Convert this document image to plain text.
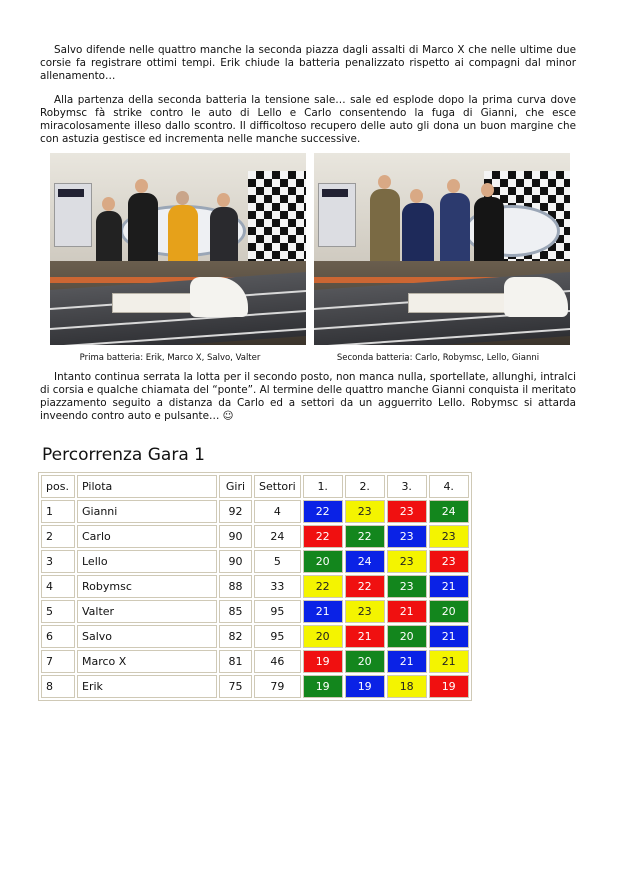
Salvo difende nelle quattro manche la seconda piazza dagli assalti di Marco X che nelle ultime due corsie fa registrare ottimi tempi. Erik chiude la batteria penalizzato rispetto ai compagni dal minor allenamento…

Alla partenza della seconda batteria la tensione sale… sale ed esplode dopo la prima curva dove Robymsc fà strike contro le auto di Lello e Carlo consentendo la fuga di Gianni, che esce miracolosamente illeso dallo scontro. Il difficoltoso recupero delle auto gli dona un buon margine che con astuzia gestisce ed incrementa nelle manche successive.

Prima batteria: Erik, Marco X, Salvo, Valter	Seconda batteria: Carlo, Robymsc, Lello, Gianni

Intanto continua serrata la lotta per il secondo posto, non manca nulla, sportellate, allunghi, intralci di corsia e qualche chiamata del “ponte”. Al termine delle quattro manche Gianni conquista il meritato piazzamento seguito a distanza da Carlo ed a settori da un agguerrito Lello. Robymsc si attarda inveendo contro auto e pulsante… ☺

Percorrenza Gara 1
pos.	Pilota	Giri	Settori	1.	2.	3.	4.
1	Gianni	92	4	22	23	23	24
2	Carlo	90	24	22	22	23	23
3	Lello	90	5	20	24	23	23
4	Robymsc	88	33	22	22	23	21
5	Valter	85	95	21	23	21	20
6	Salvo	82	95	20	21	20	21
7	Marco X	81	46	19	20	21	21
8	Erik	75	79	19	19	18	19
